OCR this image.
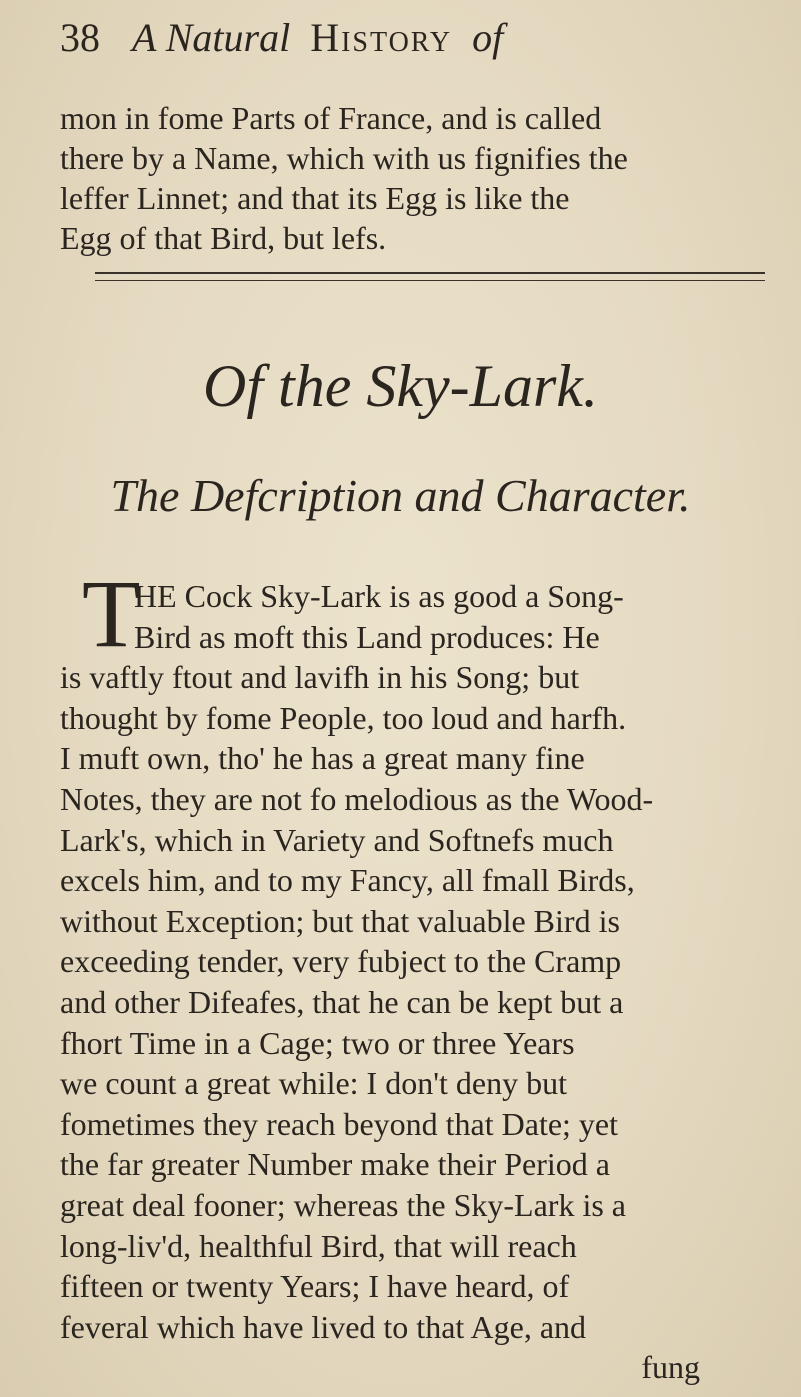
38 A Natural History of
mon in fome Parts of France, and is called
there by a Name, which with us fignifies the
leffer Linnet; and that its Egg is like the
Egg of that Bird, but lefs.
Of the Sky-Lark.
The Defcription and Character.
T
HE Cock Sky-Lark is as good a Song-
Bird as moft this Land produces: He
is vaftly ftout and lavifh in his Song; but
thought by fome People, too loud and harfh.
I muft own, tho' he has a great many fine
Notes, they are not fo melodious as the Wood-
Lark's, which in Variety and Softnefs much
excels him, and to my Fancy, all fmall Birds,
without Exception; but that valuable Bird is
exceeding tender, very fubject to the Cramp
and other Difeafes, that he can be kept but a
fhort Time in a Cage; two or three Years
we count a great while: I don't deny but
fometimes they reach beyond that Date; yet
the far greater Number make their Period a
great deal fooner; whereas the Sky-Lark is a
long-liv'd, healthful Bird, that will reach
fifteen or twenty Years; I have heard, of
feveral which have lived to that Age, and
fung
